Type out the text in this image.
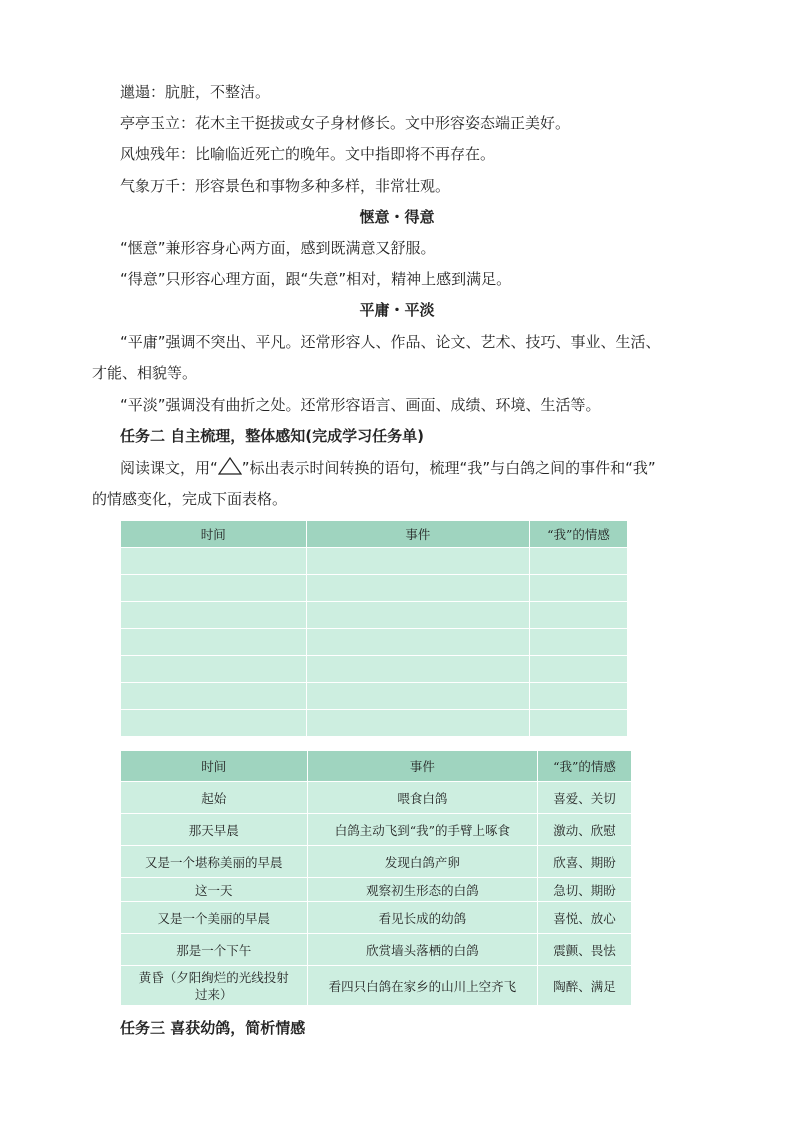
邋遢：肮脏，不整洁。
亭亭玉立：花木主干挺拔或女子身材修长。文中形容姿态端正美好。
风烛残年：比喻临近死亡的晚年。文中指即将不再存在。
气象万千：形容景色和事物多种多样，非常壮观。
惬意・得意
“惬意”兼形容身心两方面，感到既满意又舒服。
“得意”只形容心理方面，跟“失意”相对，精神上感到满足。
平庸・平淡
“平庸”强调不突出、平凡。还常形容人、作品、论文、艺术、技巧、事业、生活、
才能、相貌等。
“平淡”强调没有曲折之处。还常形容语言、画面、成绩、环境、生活等。
任务二 自主梳理，整体感知(完成学习任务单)
阅读课文，用“ ”标出表示时间转换的语句，梳理“我”与白鸽之间的事件和“我”
的情感变化，完成下面表格。
时间	事件	“我”的情感

时间	事件	“我”的情感
起始	喂食白鸽	喜爱、关切
那天早晨	白鸽主动飞到“我”的手臂上啄食	激动、欣慰
又是一个堪称美丽的早晨	发现白鸽产卵	欣喜、期盼
这一天	观察初生形态的白鸽	急切、期盼
又是一个美丽的早晨	看见长成的幼鸽	喜悦、放心
那是一个下午	欣赏墙头落栖的白鸽	震颤、畏怯
黄昏（夕阳绚烂的光线投射过来）	看四只白鸽在家乡的山川上空齐飞	陶醉、满足
任务三 喜获幼鸽，简析情感
